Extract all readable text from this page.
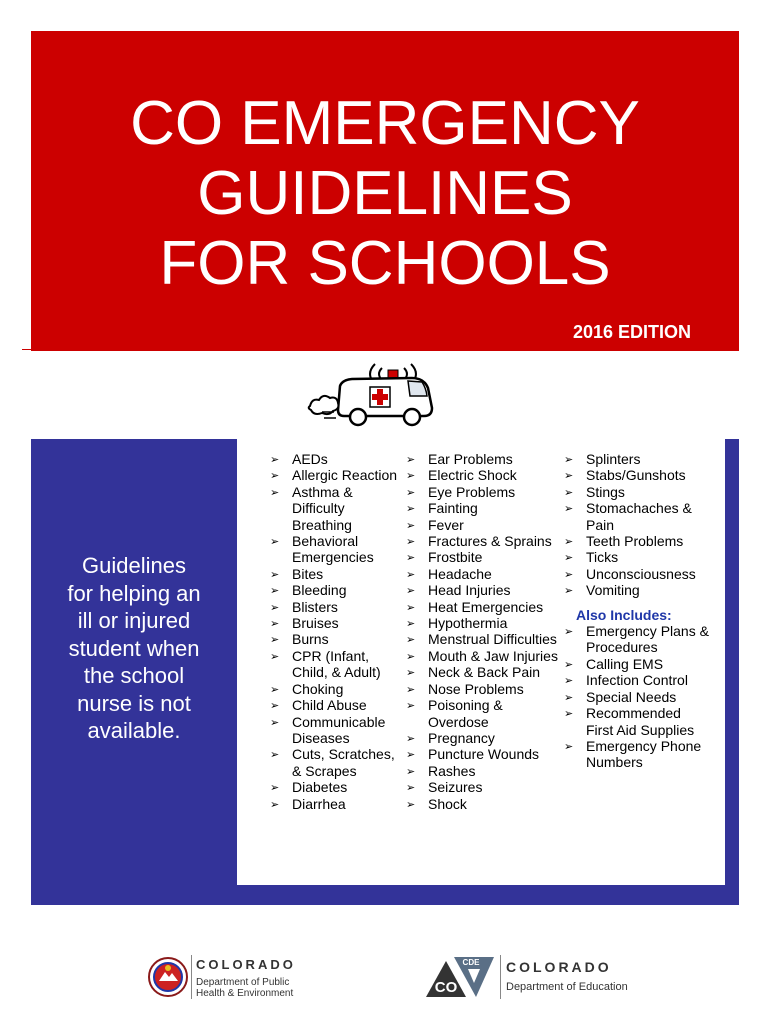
CO EMERGENCY
GUIDELINES
FOR SCHOOLS
2016 EDITION
Guidelines
for helping an
ill or injured
student when
the school
nurse is not
available.
➢ AEDs
➢ Allergic Reaction
➢ Asthma &
Difficulty
Breathing
➢ Behavioral
Emergencies
➢ Bites
➢ Bleeding
➢ Blisters
➢ Bruises
➢ Burns
➢ CPR (Infant,
Child, & Adult)
➢ Choking
➢ Child Abuse
➢ Communicable
Diseases
➢ Cuts, Scratches,
& Scrapes
➢ Diabetes
➢ Diarrhea
➢ Ear Problems
➢ Electric Shock
➢ Eye Problems
➢ Fainting
➢ Fever
➢ Fractures & Sprains
➢ Frostbite
➢ Headache
➢ Head Injuries
➢ Heat Emergencies
➢ Hypothermia
➢ Menstrual Difficulties
➢ Mouth & Jaw Injuries
➢ Neck & Back Pain
➢ Nose Problems
➢ Poisoning &
Overdose
➢ Pregnancy
➢ Puncture Wounds
➢ Rashes
➢ Seizures
➢ Shock
➢ Splinters
➢ Stabs/Gunshots
➢ Stings
➢ Stomachaches &
Pain
➢ Teeth Problems
➢ Ticks
➢ Unconsciousness
➢ Vomiting
Also Includes:
➢ Emergency Plans &
Procedures
➢ Calling EMS
➢ Infection Control
➢ Special Needs
➢ Recommended
First Aid Supplies
➢ Emergency Phone
Numbers
COLORADO
Department of Public
Health & Environment
CDE
CO
COLORADO
Department of Education
